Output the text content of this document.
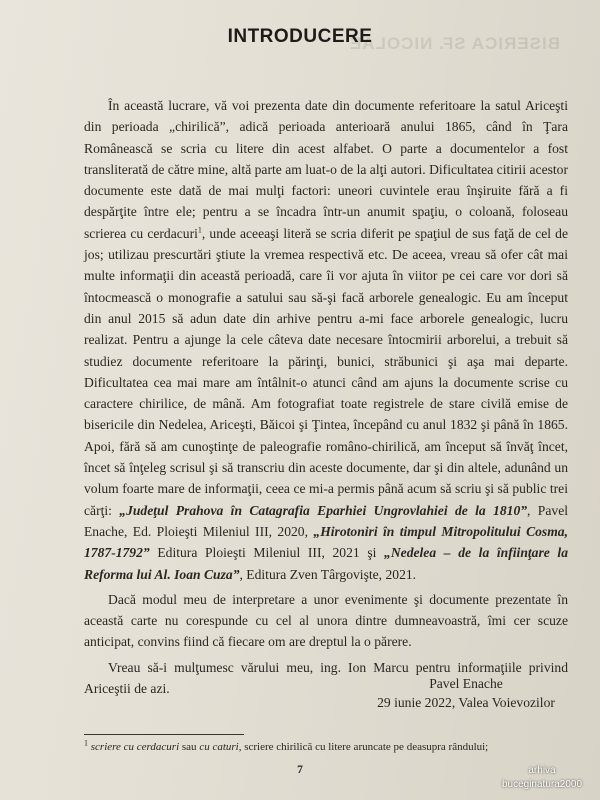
BISERICA SF. NICOLAE
INTRODUCERE

În această lucrare, vă voi prezenta date din documente referitoare la satul Ariceşti din perioada „chirilică”, adică perioada anterioară anului 1865, când în Ţara Românească se scria cu litere din acest alfabet. O parte a documentelor a fost transliterată de către mine, altă parte am luat-o de la alţi autori. Dificultatea citirii acestor documente este dată de mai mulţi factori: uneori cuvintele erau înşiruite fără a fi despărţite între ele; pentru a se încadra într-un anumit spaţiu, o coloană, foloseau scrierea cu cerdacuri$^1$, unde aceeaşi literă se scria diferit pe spaţiul de sus faţă de cel de jos; utilizau prescurtări ştiute la vremea respectivă etc. De aceea, vreau să ofer cât mai multe informaţii din această perioadă, care îi vor ajuta în viitor pe cei care vor dori să întocmească o monografie a satului sau să-şi facă arborele genealogic. Eu am început din anul 2015 să adun date din arhive pentru a-mi face arborele genealogic, lucru realizat. Pentru a ajunge la cele câteva date necesare întocmirii arborelui, a trebuit să studiez documente referitoare la părinţi, bunici, străbunici şi aşa mai departe. Dificultatea cea mai mare am întâlnit-o atunci când am ajuns la documente scrise cu caractere chirilice, de mână. Am fotografiat toate registrele de stare civilă emise de bisericile din Nedelea, Ariceşti, Băicoi şi Ţintea, începând cu anul 1832 şi până în 1865. Apoi, fără să am cunoştinţe de paleografie româno-chirilică, am început să învăţ încet, încet să înţeleg scrisul şi să transcriu din aceste documente, dar şi din altele, adunând un volum foarte mare de informaţii, ceea ce mi-a permis până acum să scriu şi să public trei cărţi: „Judeţul Prahova în Catagrafia Eparhiei Ungrovlahiei de la 1810”, Pavel Enache, Ed. Ploieşti Mileniul III, 2020, „Hirotoniri în timpul Mitropolitului Cosma, 1787-1792” Editura Ploieşti Mileniul III, 2021 şi „Nedelea – de la înfiinţare la Reforma lui Al. Ioan Cuza”, Editura Zven Târgovişte, 2021.

Dacă modul meu de interpretare a unor evenimente şi documente prezentate în această carte nu corespunde cu cel al unora dintre dumneavoastră, îmi cer scuze anticipat, convins fiind că fiecare om are dreptul la o părere.

Vreau să-i mulţumesc vărului meu, ing. Ion Marcu pentru informaţiile privind Ariceştii de azi.	Pavel Enache
29 iunie 2022, Valea Voievozilor
$^1$ scriere cu cerdacuri sau cu caturi, scriere chirilică cu litere aruncate pe deasupra rândului;
7	arhiva
buceginatura2000
